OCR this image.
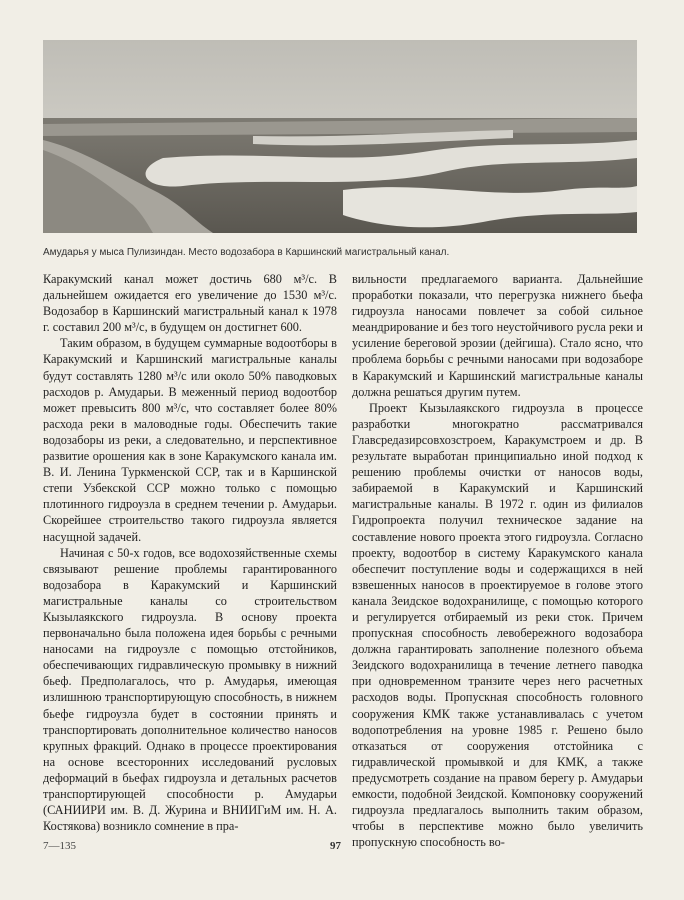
Амударья у мыса Пулизиндан. Место водозабора в Каршинский магистральный канал.

Каракумский канал может достичь 680 м³/с. В дальнейшем ожидается его увеличение до 1530 м³/с. Водозабор в Каршинский магистральный канал к 1978 г. составил 200 м³/с, в будущем он достигнет 600.

Таким образом, в будущем суммарные водоотборы в Каракумский и Каршинский магистральные каналы будут составлять 1280 м³/с или около 50% паводковых расходов р. Амударьи. В меженный период водоотбор может превысить 800 м³/с, что составляет более 80% расхода реки в маловодные годы. Обеспечить такие водозаборы из реки, а следовательно, и перспективное развитие орошения как в зоне Каракумского канала им. В. И. Ленина Туркменской ССР, так и в Каршинской степи Узбекской ССР можно только с помощью плотинного гидроузла в среднем течении р. Амударьи. Скорейшее строительство такого гидроузла является насущной задачей.

Начиная с 50-х годов, все водохозяйственные схемы связывают решение проблемы гарантированного водозабора в Каракумский и Каршинский магистральные каналы со строительством Кызылаякского гидроузла. В основу проекта первоначально была положена идея борьбы с речными наносами на гидроузле с помощью отстойников, обеспечивающих гидравлическую промывку в нижний бьеф. Предполагалось, что р. Амударья, имеющая излишнюю транспортирующую способность, в нижнем бьефе гидроузла будет в состоянии принять и транспортировать дополнительное количество наносов крупных фракций. Однако в процессе проектирования на основе всесторонних исследований русловых деформаций в бьефах гидроузла и детальных расчетов транспортирующей способности р. Амударьи (САНИИРИ им. В. Д. Журина и ВНИИГиМ им. Н. А. Костякова) возникло сомнение в пра-

вильности предлагаемого варианта. Дальнейшие проработки показали, что перегрузка нижнего бьефа гидроузла наносами повлечет за собой сильное меандрирование и без того неустойчивого русла реки и усиление береговой эрозии (дейгиша). Стало ясно, что проблема борьбы с речными наносами при водозаборе в Каракумский и Каршинский магистральные каналы должна решаться другим путем.

Проект Кызылаякского гидроузла в процессе разработки многократно рассматривался Главсредазирсовхозстроем, Каракумстроем и др. В результате выработан принципиально иной подход к решению проблемы очистки от наносов воды, забираемой в Каракумский и Каршинский магистральные каналы. В 1972 г. один из филиалов Гидропроекта получил техническое задание на составление нового проекта этого гидроузла. Согласно проекту, водоотбор в систему Каракумского канала обеспечит поступление воды и содержащихся в ней взвешенных наносов в проектируемое в голове этого канала Зеидское водохранилище, с помощью которого и регулируется отбираемый из реки сток. Причем пропускная способность левобережного водозабора должна гарантировать заполнение полезного объема Зеидского водохранилища в течение летнего паводка при одновременном транзите через него расчетных расходов воды. Пропускная способность головного сооружения КМК также устанавливалась с учетом водопотребления на уровне 1985 г. Решено было отказаться от сооружения отстойника с гидравлической промывкой и для КМК, а также предусмотреть создание на правом берегу р. Амударьи емкости, подобной Зеидской. Компоновку сооружений гидроузла предлагалось выполнить таким образом, чтобы в перспективе можно было увеличить пропускную способность во-

7—135	97
